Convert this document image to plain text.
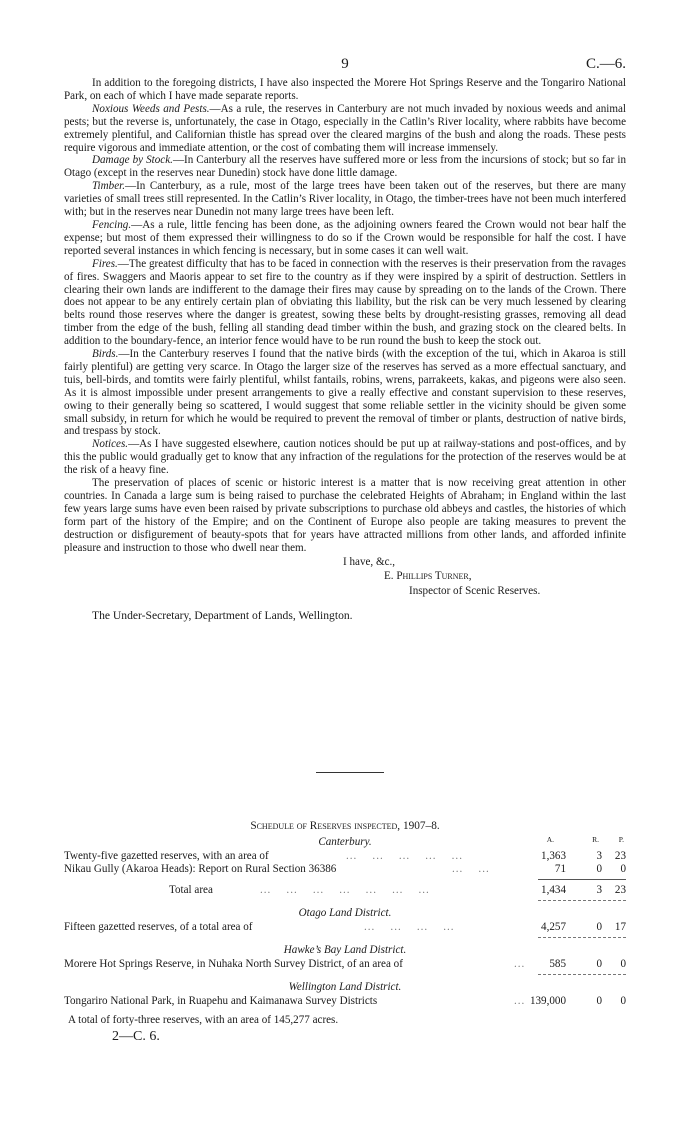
9	C.—6.

In addition to the foregoing districts, I have also inspected the Morere Hot Springs Reserve and the Tongariro National Park, on each of which I have made separate reports.

Noxious Weeds and Pests.—As a rule, the reserves in Canterbury are not much invaded by noxious weeds and animal pests; but the reverse is, unfortunately, the case in Otago, especially in the Catlin’s River locality, where rabbits have become extremely plentiful, and Californian thistle has spread over the cleared margins of the bush and along the roads. These pests require vigorous and immediate attention, or the cost of combating them will increase immensely.

Damage by Stock.—In Canterbury all the reserves have suffered more or less from the incursions of stock; but so far in Otago (except in the reserves near Dunedin) stock have done little damage.

Timber.—In Canterbury, as a rule, most of the large trees have been taken out of the reserves, but there are many varieties of small trees still represented. In the Catlin’s River locality, in Otago, the timber-trees have not been much interfered with; but in the reserves near Dunedin not many large trees have been left.

Fencing.—As a rule, little fencing has been done, as the adjoining owners feared the Crown would not bear half the expense; but most of them expressed their willingness to do so if the Crown would be responsible for half the cost. I have reported several instances in which fencing is necessary, but in some cases it can well wait.

Fires.—The greatest difficulty that has to be faced in connection with the reserves is their preservation from the ravages of fires. Swaggers and Maoris appear to set fire to the country as if they were inspired by a spirit of destruction. Settlers in clearing their own lands are indifferent to the damage their fires may cause by spreading on to the lands of the Crown. There does not appear to be any entirely certain plan of obviating this liability, but the risk can be very much lessened by clearing belts round those reserves where the danger is greatest, sowing these belts by drought-resisting grasses, removing all dead timber from the edge of the bush, felling all standing dead timber within the bush, and grazing stock on the cleared belts. In addition to the boundary-fence, an interior fence would have to be run round the bush to keep the stock out.

Birds.—In the Canterbury reserves I found that the native birds (with the exception of the tui, which in Akaroa is still fairly plentiful) are getting very scarce. In Otago the larger size of the reserves has served as a more effectual sanctuary, and tuis, bell-birds, and tomtits were fairly plentiful, whilst fantails, robins, wrens, parrakeets, kakas, and pigeons were also seen. As it is almost impossible under present arrangements to give a really effective and constant supervision to these reserves, owing to their generally being so scattered, I would suggest that some reliable settler in the vicinity should be given some small subsidy, in return for which he would be required to prevent the removal of timber or plants, destruction of native birds, and trespass by stock.

Notices.—As I have suggested elsewhere, caution notices should be put up at railway-stations and post-offices, and by this the public would gradually get to know that any infraction of the regulations for the protection of the reserves would be at the risk of a heavy fine.

The preservation of places of scenic or historic interest is a matter that is now receiving great attention in other countries. In Canada a large sum is being raised to purchase the celebrated Heights of Abraham; in England within the last few years large sums have even been raised by private subscriptions to purchase old abbeys and castles, the histories of which form part of the history of the Empire; and on the Continent of Europe also people are taking measures to prevent the destruction or disfigurement of beauty-spots that for years have attracted millions from other lands, and afforded infinite pleasure and instruction to those who dwell near them.

I have, &c.,
E. Phillips Turner,
Inspector of Scenic Reserves.
The Under-Secretary, Department of Lands, Wellington.
Schedule of Reserves inspected, 1907–8.
A.	R.	P.
Canterbury.
Twenty-five gazetted reserves, with an area of	...    ...    ...    ...    ...	1,363	3	23
Nikau Gully (Akaroa Heads): Report on Rural Section 36386	...    ...	71	0	0
Total area	...    ...    ...    ...    ...    ...    ...	1,434	3	23
Otago Land District.
Fifteen gazetted reserves, of a total area of	...    ...    ...    ...	4,257	0	17
Hawke’s Bay Land District.
Morere Hot Springs Reserve, in Nuhaka North Survey District, of an area of	...	585	0	0
Wellington Land District.
Tongariro National Park, in Ruapehu and Kaimanawa Survey Districts	... 139,000	0	0
A total of forty-three reserves, with an area of 145,277 acres.
2—C. 6.
